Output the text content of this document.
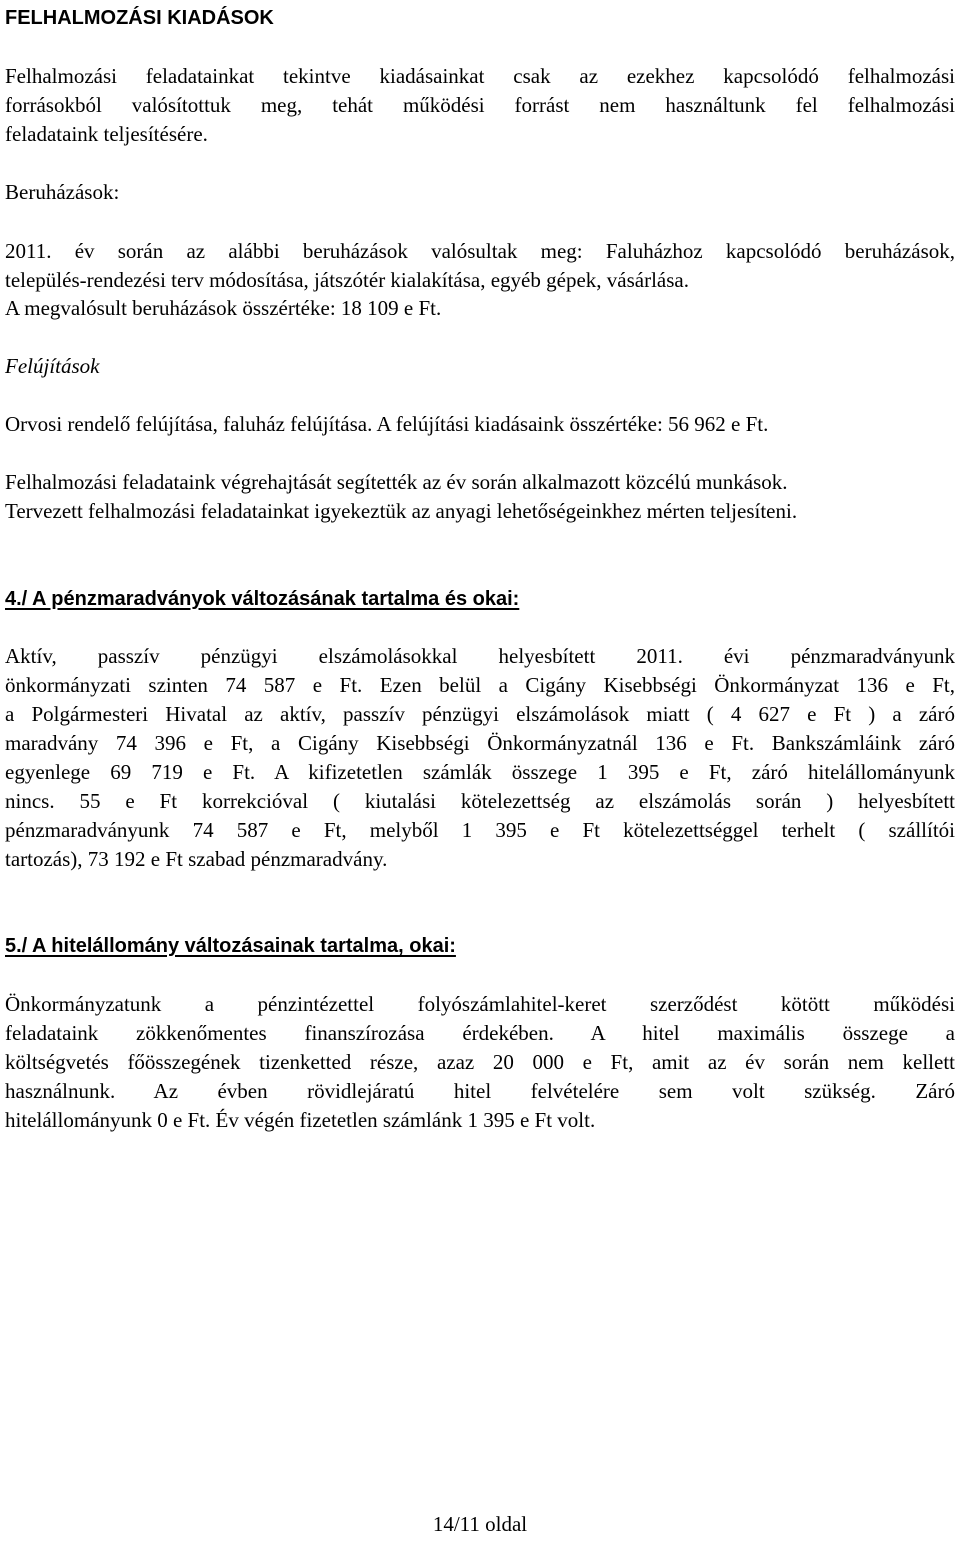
FELHALMOZÁSI KIADÁSOK
Felhalmozási feladatainkat tekintve kiadásainkat csak az ezekhez kapcsolódó felhalmozási
forrásokból valósítottuk meg, tehát működési forrást nem használtunk fel felhalmozási
feladataink teljesítésére.
Beruházások:
2011. év során az alábbi beruházások valósultak meg: Faluházhoz kapcsolódó beruházások,
település-rendezési terv módosítása, játszótér kialakítása, egyéb gépek, vásárlása.
A megvalósult beruházások összértéke: 18 109 e Ft.
Felújítások
Orvosi rendelő felújítása, faluház felújítása. A felújítási kiadásaink összértéke: 56 962 e Ft.
Felhalmozási feladataink végrehajtását segítették az év során alkalmazott közcélú munkások.
Tervezett felhalmozási feladatainkat igyekeztük az anyagi lehetőségeinkhez mérten teljesíteni.
4./ A pénzmaradványok változásának tartalma és okai:
Aktív, passzív pénzügyi elszámolásokkal helyesbített 2011. évi pénzmaradványunk
önkormányzati szinten 74 587 e Ft. Ezen belül a Cigány Kisebbségi Önkormányzat 136 e Ft,
a Polgármesteri Hivatal az aktív, passzív pénzügyi elszámolások miatt ( 4 627 e Ft ) a záró
maradvány 74 396 e Ft, a Cigány Kisebbségi Önkormányzatnál 136 e Ft. Bankszámláink záró
egyenlege 69 719 e Ft. A kifizetetlen számlák összege 1 395 e Ft, záró hitelállományunk
nincs. 55 e Ft korrekcióval ( kiutalási kötelezettség az elszámolás során ) helyesbített
pénzmaradványunk 74 587 e Ft, melyből 1 395 e Ft kötelezettséggel terhelt ( szállítói
tartozás), 73 192 e Ft szabad pénzmaradvány.
5./ A hitelállomány változásainak tartalma, okai:
Önkormányzatunk a pénzintézettel folyószámlahitel-keret szerződést kötött működési
feladataink zökkenőmentes finanszírozása érdekében. A hitel maximális összege a
költségvetés főösszegének tizenketted része, azaz 20 000 e Ft, amit az év során nem kellett
használnunk. Az évben rövidlejáratú hitel felvételére sem volt szükség. Záró
hitelállományunk 0 e Ft. Év végén fizetetlen számlánk 1 395 e Ft volt.
14/11 oldal
